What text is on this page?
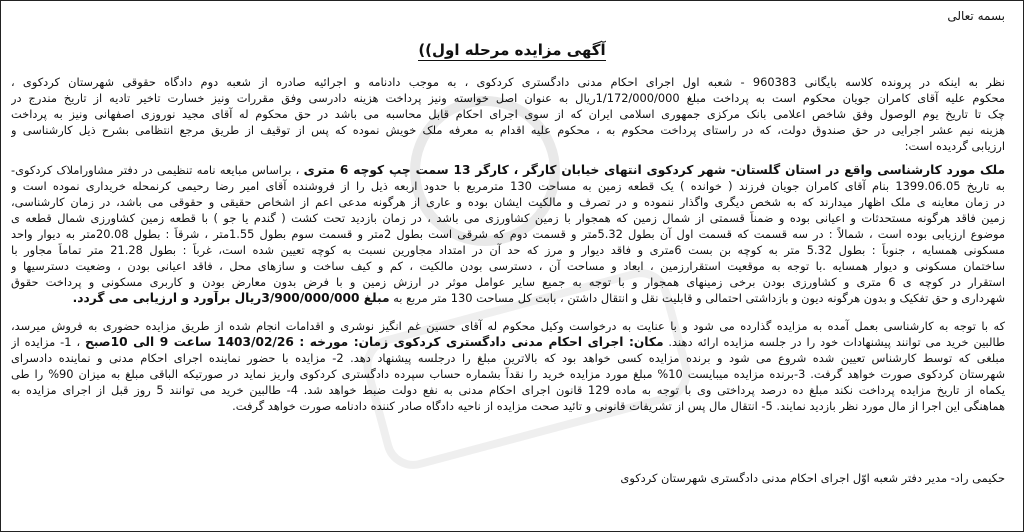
بسمه تعالی
آگهی مزایده مرحله اول))
نظر به اینکه در پرونده کلاسه بایگانی 960383 - شعبه اول اجرای احکام مدنی دادگستری کردکوی ، به موجب دادنامه و اجرائیه صادره از شعبه دوم دادگاه حقوقی شهرستان کردکوی ،
محکوم علیه آقای کامران جویان محکوم است به پرداخت مبلغ 1/172/000/000ریال به عنوان اصل خواسته ونیز پرداخت هزینه دادرسی وفق مقررات ونیز خسارت تاخیر تادیه از تاریخ مندرج در
چک تا تاریخ یوم الوصول وفق شاخص اعلامی بانک مرکزی جمهوری اسلامی ایران که از سوی اجرای احکام قابل محاسبه می باشد در حق محکوم له آقای مجید نوروزی اصفهانی ونیز به پرداخت
هزینه نیم عشر اجرایی در حق صندوق دولت، که در راستای پرداخت محکوم به ، محکوم علیه اقدام به معرفه ملک خویش نموده که پس از توقیف از طریق مرجع انتظامی بشرح ذیل کارشناسی و
ارزیابی گردیده است:
ملک مورد کارشناسی واقع در استان گلستان- شهر کردکوی انتهای خیابان کارگر ، کارگر 13 سمت چپ کوچه 6 متری ، براساس مبایعه نامه تنظیمی در دفتر مشاوراملاک کردکوی-
به تاریخ 1399.06.05 بنام آقای کامران جویان فرزند ( خوانده ) یک قطعه زمین به مساحت 130 مترمربع با حدود اربعه ذیل را از فروشنده آقای امیر رضا رحیمی کرنمحله خریداری نموده است و
در زمان معاینه ی ملک اظهار میدارند که به شخص دیگری واگذار ننموده و در تصرف و مالکیت ایشان بوده و عاری از هرگونه مدعی اعم از اشخاص حقیقی و حقوقی می باشد، در زمان کارشناسی،
زمین فاقد هرگونه مستحدثات و اعیانی بوده و ضمناً قسمتی از شمال زمین که همجوار با زمین کشاورزی می باشد ، در زمان بازدید تحت کشت ( گندم یا جو ) با قطعه زمین کشاورزی شمال قطعه ی
موضوع ارزیابی بوده است ، شمالاً : در سه قسمت که قسمت اول آن بطول 5.32متر و قسمت دوم که شرقی است بطول 2متر و قسمت سوم بطول 1.55متر ، شرقاً : بطول 20.08متر به دیوار واحد
مسکونی همسایه ، جنوباً : بطول 5.32 متر به کوچه بن بست 6متری و فاقد دیوار و مرز که حد آن در امتداد مجاورین نسبت به کوچه تعیین شده است، غرباً : بطول 21.28 متر تماماً مجاور با
ساختمان مسکونی و دیوار همسایه .با توجه به موقعیت استقرارزمین ، ابعاد و مساحت آن ، دسترسی بودن مالکیت ، کم و کیف ساخت و سازهای محل ، فاقد اعیانی بودن ، وضعیت دسترسیها و
استقرار در کوچه ی 6 متری و کشاورزی بودن برخی زمینهای همجوار و با توجه به جمیع سایر عوامل موثر در ارزش زمین و با فرض بدون معارض بودن و کاربری مسکونی و پرداخت حقوق
شهرداری و حق تفکیک و بدون هرگونه دیون و بازداشتی احتمالی و قابلیت نقل و انتقال داشتن ، بابت کل مساحت 130 متر مربع به مبلغ 3/900/000/000ریال برآورد و ارزیابی می گردد.
که با توجه به کارشناسی بعمل آمده به مزایده گذارده می شود و با عنایت به درخواست وکیل محکوم له آقای حسین غم انگیز نوشری و اقدامات انجام شده از طریق مزایده حضوری به فروش میرسد،
طالبین خرید می توانند پیشنهادات خود را در جلسه مزایده ارائه دهند. مکان: اجرای احکام مدنی دادگستری کردکوی زمان: مورخه : 1403/02/26 ساعت 9 الی 10صبح ، 1- مزایده از
مبلغی که توسط کارشناس تعیین شده شروع می شود و برنده مزایده کسی خواهد بود که بالاترین مبلغ را درجلسه پیشنهاد دهد. 2- مزایده با حضور نماینده اجرای احکام مدنی و نماینده دادسرای
شهرستان کردکوی صورت خواهد گرفت. 3-برنده مزایده میبایست 10% مبلغ مورد مزایده خرید را نقداً بشماره حساب سپرده دادگستری کردکوی واریز نماید در صورتیکه الباقی مبلغ به میزان 90% را طی
یکماه از تاریخ مزایده پرداخت نکند مبلغ ده درصد پرداختی وی با توجه به ماده 129 قانون اجرای احکام مدنی به نفع دولت ضبط خواهد شد. 4- طالبین خرید می توانند 5 روز قبل از اجرای مزایده به
هماهنگی این اجرا از مال مورد نظر بازدید نمایند. 5- انتقال مال پس از تشریفات قانونی و تائید صحت مزایده از ناحیه دادگاه صادر کننده دادنامه صورت خواهد گرفت.
حکیمی راد- مدیر دفتر شعبه اوّل اجرای احکام مدنی دادگستری شهرستان کردکوی
